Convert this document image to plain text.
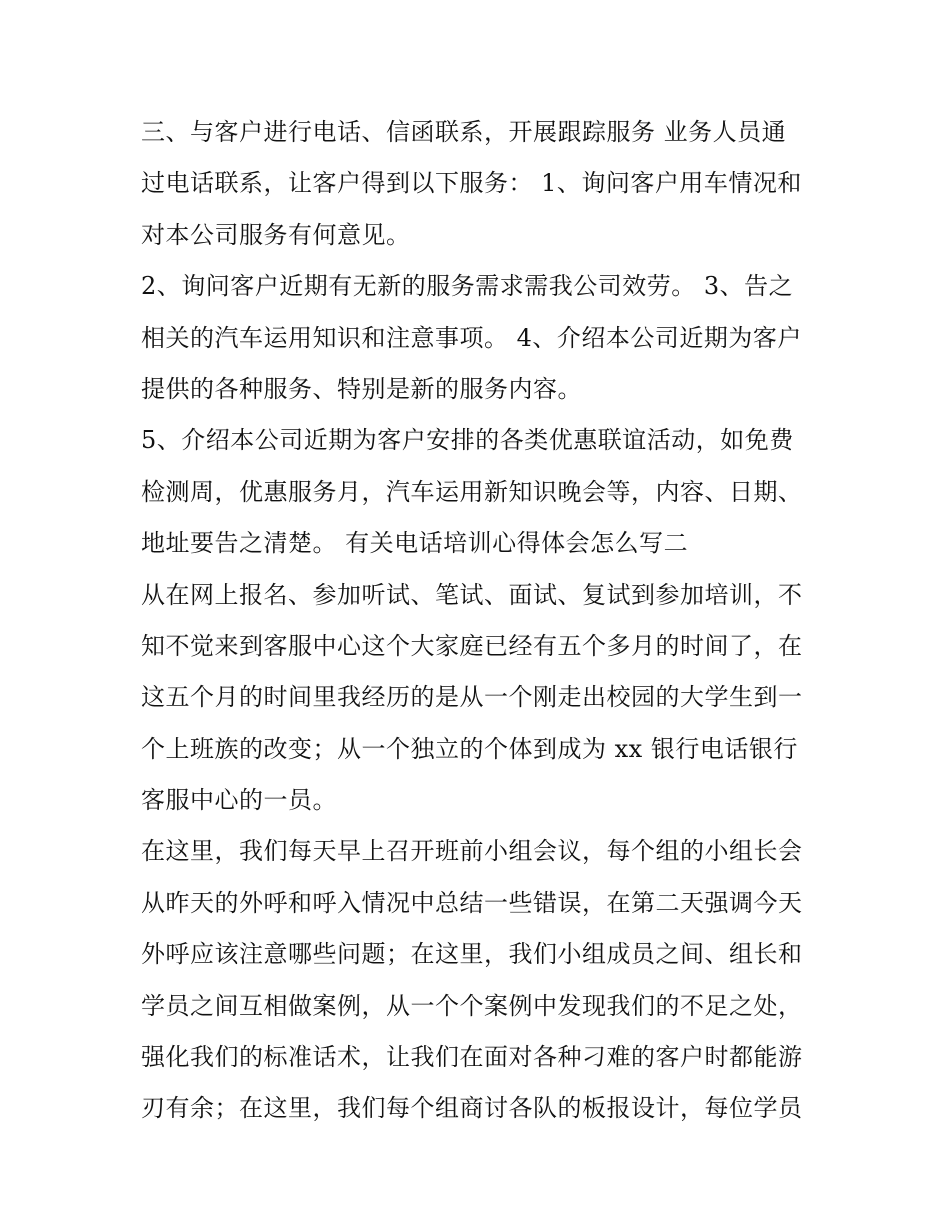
三、与客户进行电话、信函联系，开展跟踪服务 业务人员通
过电话联系，让客户得到以下服务： 1、询问客户用车情况和
对本公司服务有何意见。
2、询问客户近期有无新的服务需求需我公司效劳。 3、告之
相关的汽车运用知识和注意事项。 4、介绍本公司近期为客户
提供的各种服务、特别是新的服务内容。
5、介绍本公司近期为客户安排的各类优惠联谊活动，如免费
检测周，优惠服务月，汽车运用新知识晚会等，内容、日期、
地址要告之清楚。 有关电话培训心得体会怎么写二
从在网上报名、参加听试、笔试、面试、复试到参加培训，不
知不觉来到客服中心这个大家庭已经有五个多月的时间了，在
这五个月的时间里我经历的是从一个刚走出校园的大学生到一
个上班族的改变；从一个独立的个体到成为 xx 银行电话银行
客服中心的一员。
在这里，我们每天早上召开班前小组会议，每个组的小组长会
从昨天的外呼和呼入情况中总结一些错误，在第二天强调今天
外呼应该注意哪些问题；在这里，我们小组成员之间、组长和
学员之间互相做案例，从一个个案例中发现我们的不足之处，
强化我们的标准话术，让我们在面对各种刁难的客户时都能游
刃有余；在这里，我们每个组商讨各队的板报设计，每位学员
